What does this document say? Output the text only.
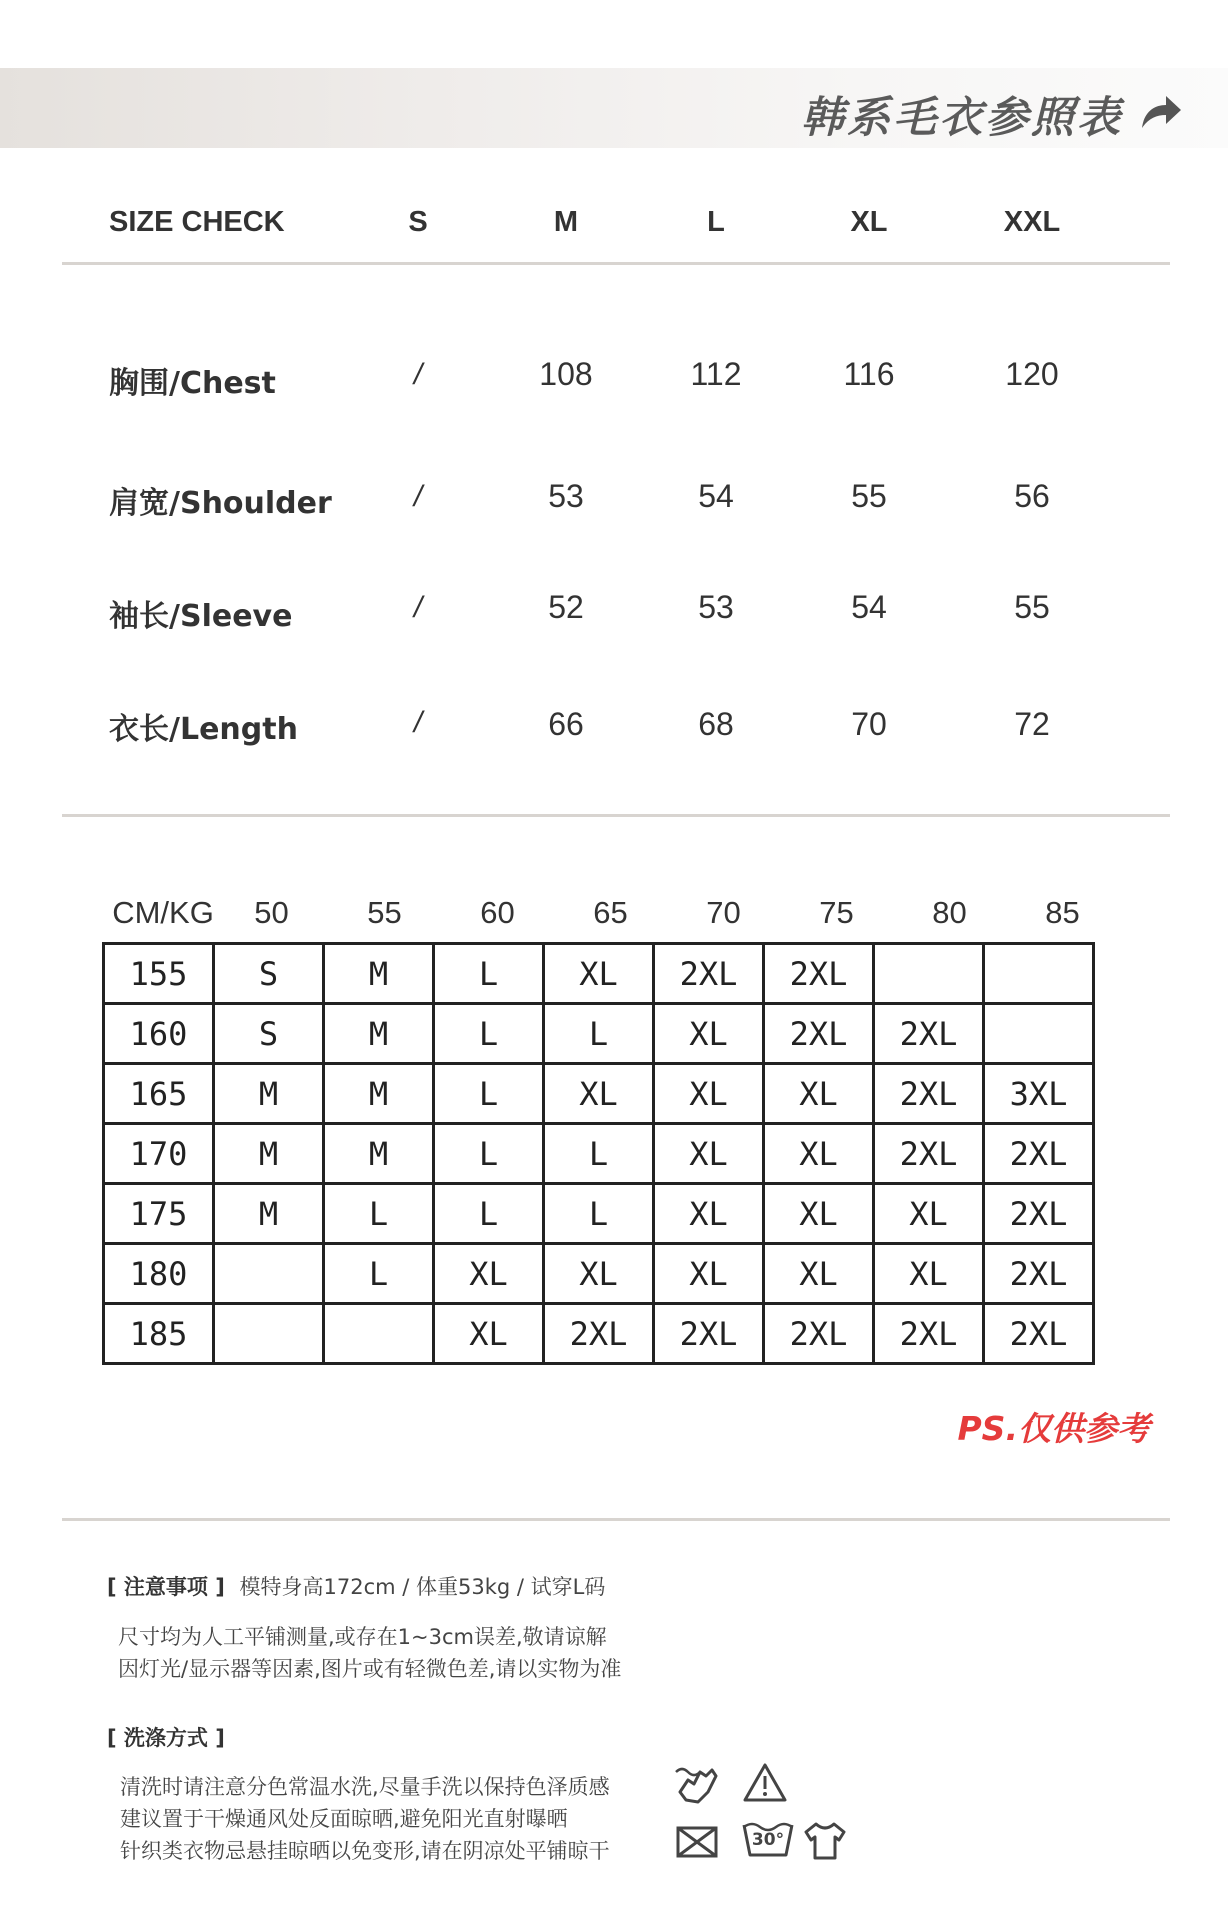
韩系毛衣参照表
SIZE CHECK	S	M	L	XL	XXL
胸围/Chest	/	108	112	116	120
肩宽/Shoulder	/	53	54	55	56
袖长/Sleeve	/	52	53	54	55
衣长/Length	/	66	68	70	72
CM/KG	50	55	60	65	70	75	80	85
155	S	M	L	XL	2XL	2XL		
160	S	M	L	L	XL	2XL	2XL	
165	M	M	L	XL	XL	XL	2XL	3XL
170	M	M	L	L	XL	XL	2XL	2XL
175	M	L	L	L	XL	XL	XL	2XL
180		L	XL	XL	XL	XL	XL	2XL
185			XL	2XL	2XL	2XL	2XL	2XL
PS.仅供参考
[ 注意事项 ] 模特身高172cm / 体重53kg / 试穿L码
尺寸均为人工平铺测量,或存在1~3cm误差,敬请谅解
因灯光/显示器等因素,图片或有轻微色差,请以实物为准
[ 洗涤方式 ]
清洗时请注意分色常温水洗,尽量手洗以保持色泽质感
建议置于干燥通风处反面晾晒,避免阳光直射曝晒
针织类衣物忌悬挂晾晒以免变形,请在阴凉处平铺晾干	30°
